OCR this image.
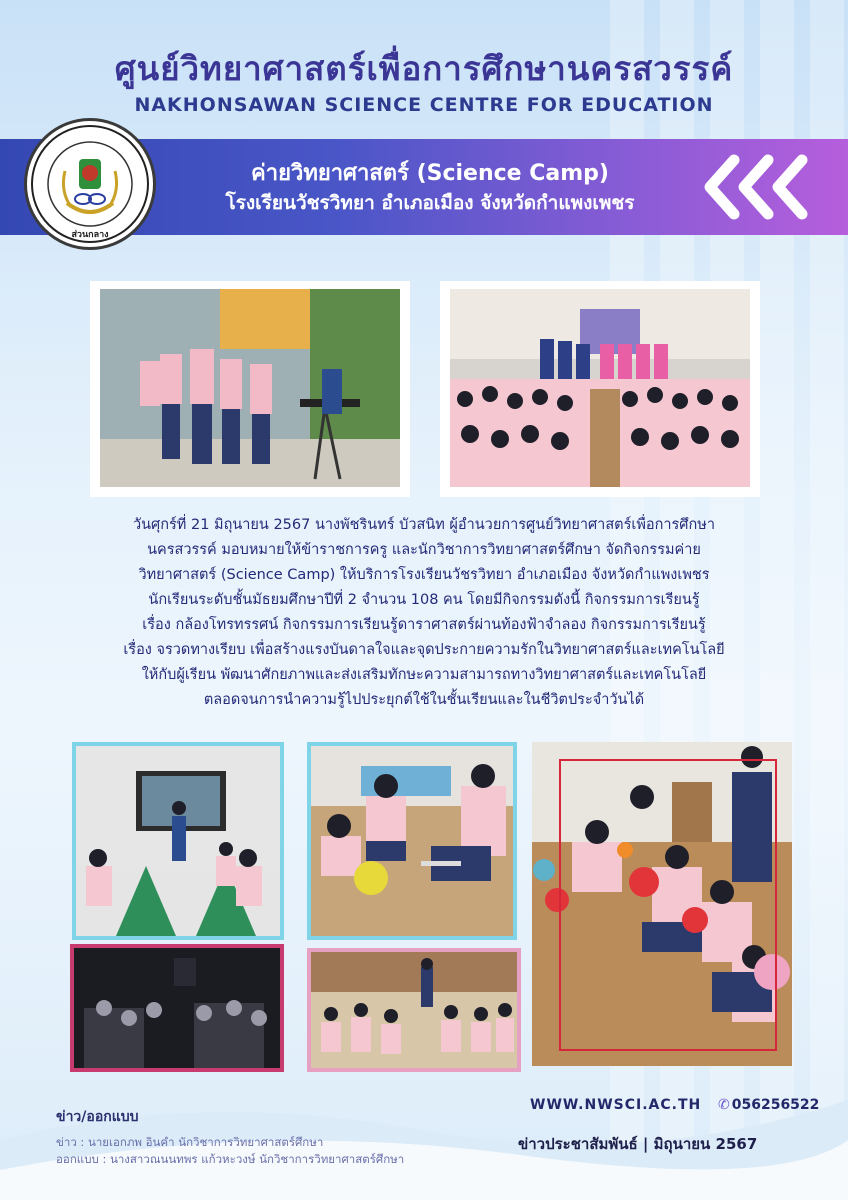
ศูนย์วิทยาศาสตร์เพื่อการศึกษานครสวรรค์
NAKHONSAWAN SCIENCE CENTRE FOR EDUCATION
ค่ายวิทยาศาสตร์ (Science Camp)
โรงเรียนวัชรวิทยา อำเภอเมือง จังหวัดกำแพงเพชร
ส่วนกลาง

วันศุกร์ที่ 21 มิถุนายน 2567 นางพัชรินทร์ บัวสนิท ผู้อำนวยการศูนย์วิทยาศาสตร์เพื่อการศึกษา

นครสวรรค์ มอบหมายให้ข้าราชการครู และนักวิชาการวิทยาศาสตร์ศึกษา จัดกิจกรรมค่าย

วิทยาศาสตร์ (Science Camp) ให้บริการโรงเรียนวัชรวิทยา อำเภอเมือง จังหวัดกำแพงเพชร

นักเรียนระดับชั้นมัธยมศึกษาปีที่ 2 จำนวน 108 คน โดยมีกิจกรรมดังนี้ กิจกรรมการเรียนรู้

เรื่อง กล้องโทรทรรศน์ กิจกรรมการเรียนรู้ดาราศาสตร์ผ่านท้องฟ้าจำลอง กิจกรรมการเรียนรู้

เรื่อง จรวดทางเรียบ เพื่อสร้างแรงบันดาลใจและจุดประกายความรักในวิทยาศาสตร์และเทคโนโลยี

ให้กับผู้เรียน พัฒนาศักยภาพและส่งเสริมทักษะความสามารถทางวิทยาศาสตร์และเทคโนโลยี

ตลอดจนการนำความรู้ไปประยุกต์ใช้ในชั้นเรียนและในชีวิตประจำวันได้

ข่าว/ออกแบบ
ข่าว : นายเอกภพ อินคำ นักวิชาการวิทยาศาสตร์ศึกษา
ออกแบบ : นางสาวณนนทพร แก้วหะวงษ์ นักวิชาการวิทยาศาสตร์ศึกษา
WWW.NWSCI.AC.TH ✆ 056256522
ข่าวประชาสัมพันธ์ | มิถุนายน 2567
